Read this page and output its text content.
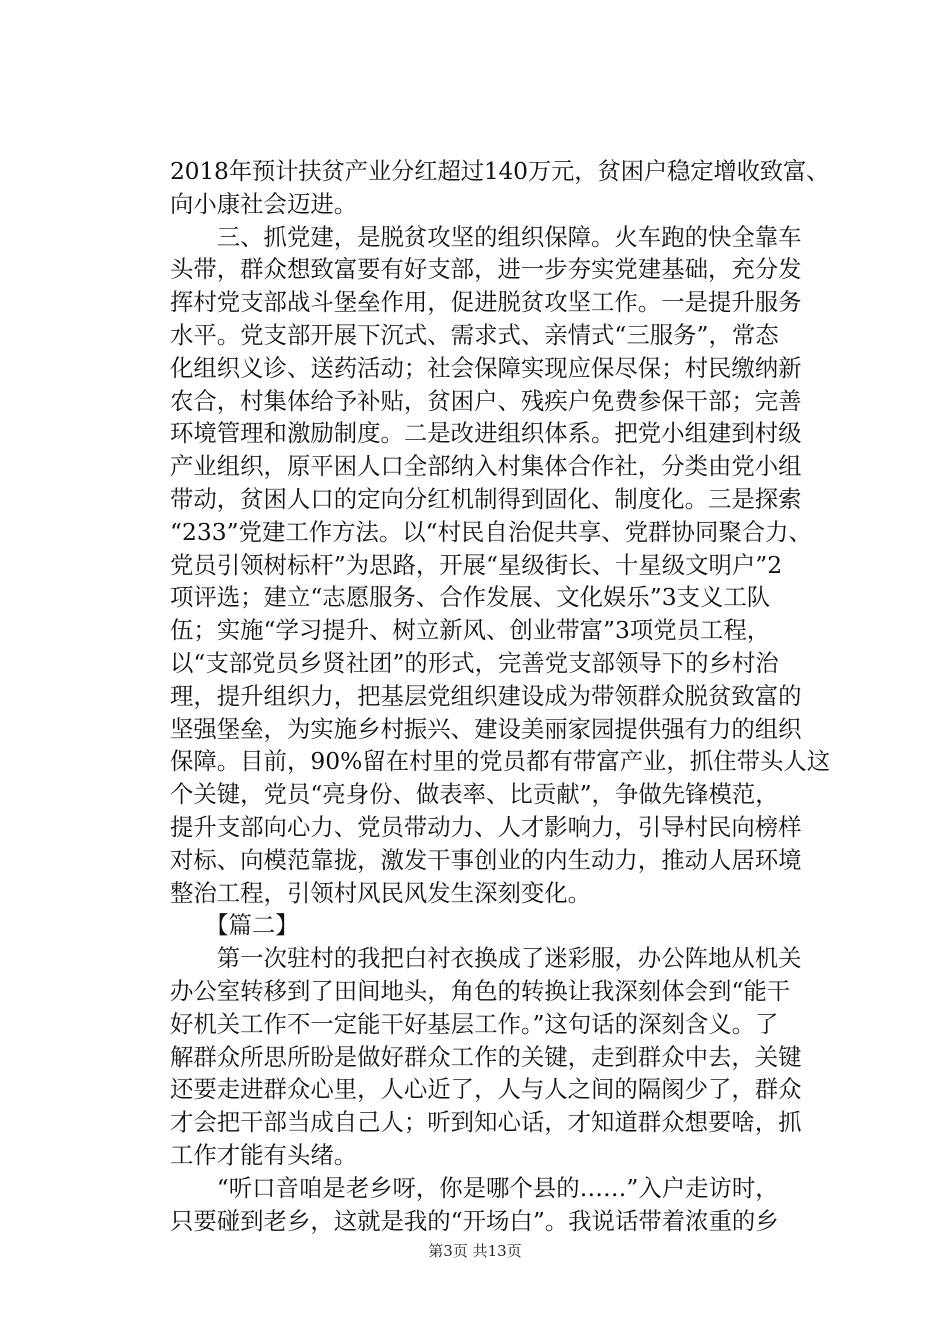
2018年预计扶贫产业分红超过140万元，贫困户稳定增收致富、
向小康社会迈进。
　　三、抓党建，是脱贫攻坚的组织保障。火车跑的快全靠车
头带，群众想致富要有好支部，进一步夯实党建基础，充分发
挥村党支部战斗堡垒作用，促进脱贫攻坚工作。一是提升服务
水平。党支部开展下沉式、需求式、亲情式“三服务”，常态
化组织义诊、送药活动；社会保障实现应保尽保；村民缴纳新
农合，村集体给予补贴，贫困户、残疾户免费参保干部；完善
环境管理和激励制度。二是改进组织体系。把党小组建到村级
产业组织，原平困人口全部纳入村集体合作社，分类由党小组
带动，贫困人口的定向分红机制得到固化、制度化。三是探索
“233”党建工作方法。以“村民自治促共享、党群协同聚合力、
党员引领树标杆”为思路，开展“星级街长、十星级文明户”2
项评选；建立“志愿服务、合作发展、文化娱乐”3支义工队
伍；实施“学习提升、树立新风、创业带富”3项党员工程，
以“支部党员乡贤社团”的形式，完善党支部领导下的乡村治
理，提升组织力，把基层党组织建设成为带领群众脱贫致富的
坚强堡垒，为实施乡村振兴、建设美丽家园提供强有力的组织
保障。目前，90%留在村里的党员都有带富产业，抓住带头人这
个关键，党员“亮身份、做表率、比贡献”，争做先锋模范，
提升支部向心力、党员带动力、人才影响力，引导村民向榜样
对标、向模范靠拢，激发干事创业的内生动力，推动人居环境
整治工程，引领村风民风发生深刻变化。
　　【篇二】
　　第一次驻村的我把白衬衣换成了迷彩服，办公阵地从机关
办公室转移到了田间地头，角色的转换让我深刻体会到“能干
好机关工作不一定能干好基层工作。”这句话的深刻含义。了
解群众所思所盼是做好群众工作的关键，走到群众中去，关键
还要走进群众心里，人心近了，人与人之间的隔阂少了，群众
才会把干部当成自己人；听到知心话，才知道群众想要啥，抓
工作才能有头绪。
　　“听口音咱是老乡呀，你是哪个县的……”入户走访时，
只要碰到老乡，这就是我的“开场白”。我说话带着浓重的乡
第3页 共13页
